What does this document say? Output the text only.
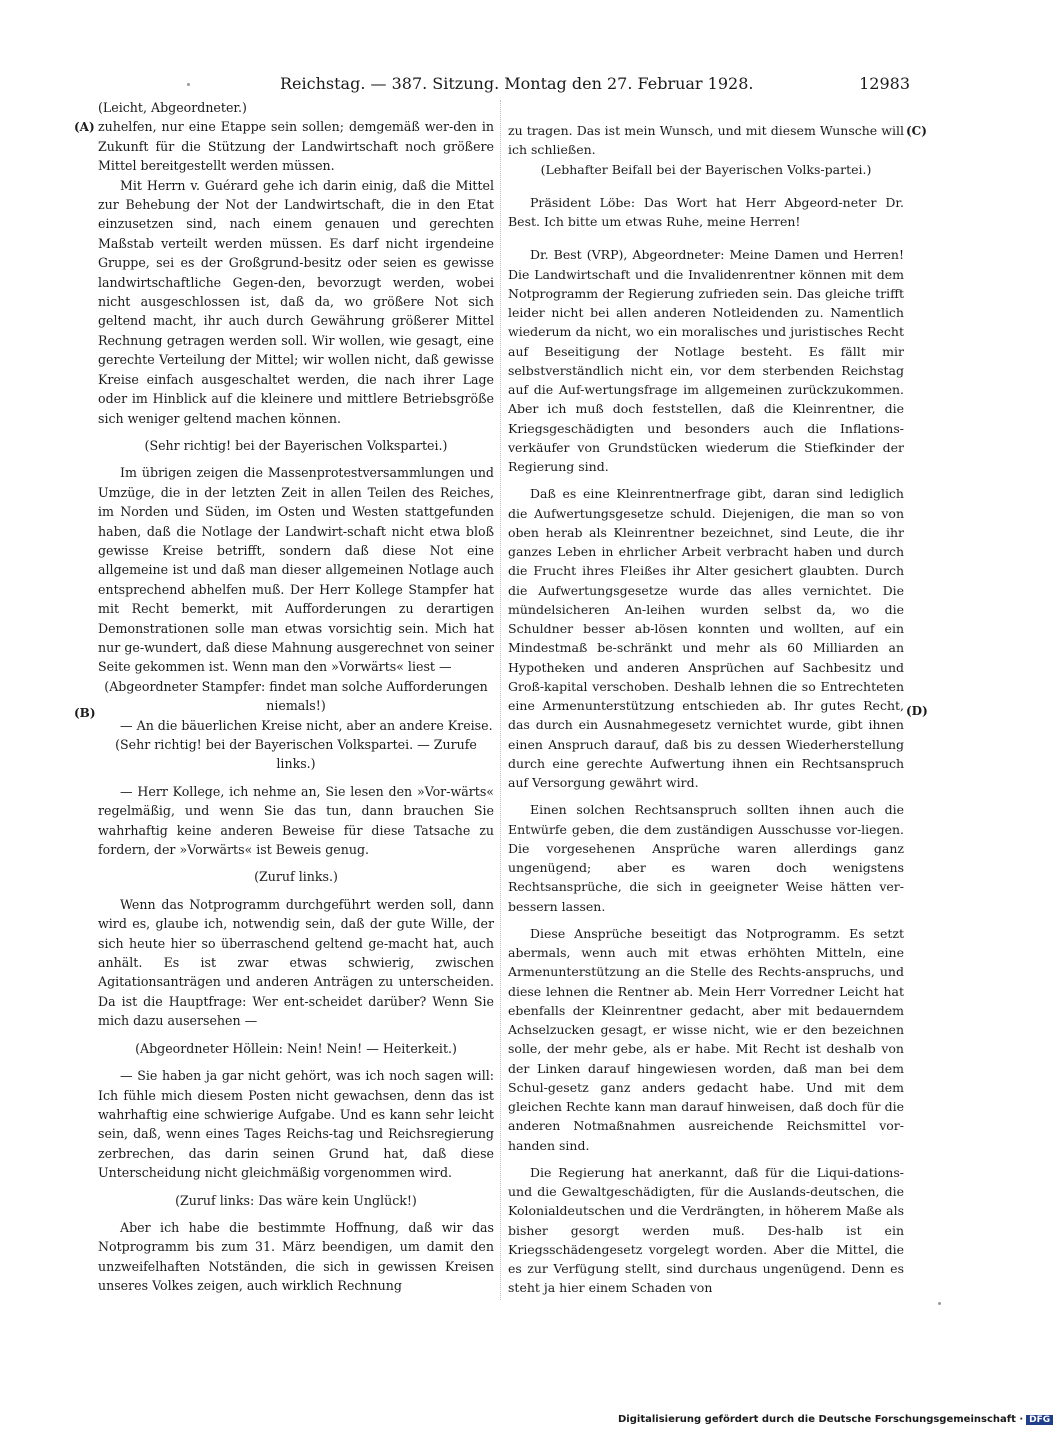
Reichstag. — 387. Sitzung. Montag den 27. Februar 1928.	12983
(A)
(B)
(C)
(D)

(Leicht, Abgeordneter.)

zuhelfen, nur eine Etappe sein sollen; demgemäß wer-den in Zukunft für die Stützung der Landwirtschaft noch größere Mittel bereitgestellt werden müssen.

Mit Herrn v. Guérard gehe ich darin einig, daß die Mittel zur Behebung der Not der Landwirtschaft, die in den Etat einzusetzen sind, nach einem genauen und gerechten Maßstab verteilt werden müssen. Es darf nicht irgendeine Gruppe, sei es der Großgrund-besitz oder seien es gewisse landwirtschaftliche Gegen-den, bevorzugt werden, wobei nicht ausgeschlossen ist, daß da, wo größere Not sich geltend macht, ihr auch durch Gewährung größerer Mittel Rechnung getragen werden soll. Wir wollen, wie gesagt, eine gerechte Verteilung der Mittel; wir wollen nicht, daß gewisse Kreise einfach ausgeschaltet werden, die nach ihrer Lage oder im Hinblick auf die kleinere und mittlere Betriebsgröße sich weniger geltend machen können.

(Sehr richtig! bei der Bayerischen Volkspartei.)

Im übrigen zeigen die Massenprotestversammlungen und Umzüge, die in der letzten Zeit in allen Teilen des Reiches, im Norden und Süden, im Osten und Westen stattgefunden haben, daß die Notlage der Landwirt-schaft nicht etwa bloß gewisse Kreise betrifft, sondern daß diese Not eine allgemeine ist und daß man dieser allgemeinen Notlage auch entsprechend abhelfen muß. Der Herr Kollege Stampfer hat mit Recht bemerkt, mit Aufforderungen zu derartigen Demonstrationen solle man etwas vorsichtig sein. Mich hat nur ge-wundert, daß diese Mahnung ausgerechnet von seiner Seite gekommen ist. Wenn man den »Vorwärts« liest —

(Abgeordneter Stampfer: findet man solche Aufforderungen niemals!)

— An die bäuerlichen Kreise nicht, aber an andere Kreise.

(Sehr richtig! bei der Bayerischen Volkspartei. — Zurufe links.)

— Herr Kollege, ich nehme an, Sie lesen den »Vor-wärts« regelmäßig, und wenn Sie das tun, dann brauchen Sie wahrhaftig keine anderen Beweise für diese Tatsache zu fordern, der »Vorwärts« ist Beweis genug.

(Zuruf links.)

Wenn das Notprogramm durchgeführt werden soll, dann wird es, glaube ich, notwendig sein, daß der gute Wille, der sich heute hier so überraschend geltend ge-macht hat, auch anhält. Es ist zwar etwas schwierig, zwischen Agitationsanträgen und anderen Anträgen zu unterscheiden. Da ist die Hauptfrage: Wer ent-scheidet darüber? Wenn Sie mich dazu ausersehen —

(Abgeordneter Höllein: Nein! Nein! — Heiterkeit.)

— Sie haben ja gar nicht gehört, was ich noch sagen will: Ich fühle mich diesem Posten nicht gewachsen, denn das ist wahrhaftig eine schwierige Aufgabe. Und es kann sehr leicht sein, daß, wenn eines Tages Reichs-tag und Reichsregierung zerbrechen, das darin seinen Grund hat, daß diese Unterscheidung nicht gleichmäßig vorgenommen wird.

(Zuruf links: Das wäre kein Unglück!)

Aber ich habe die bestimmte Hoffnung, daß wir das Notprogramm bis zum 31. März beendigen, um damit den unzweifelhaften Notständen, die sich in gewissen Kreisen unseres Volkes zeigen, auch wirklich Rechnung

zu tragen. Das ist mein Wunsch, und mit diesem Wunsche will ich schließen.

(Lebhafter Beifall bei der Bayerischen Volks-partei.)

Präsident Löbe: Das Wort hat Herr Abgeord-neter Dr. Best. Ich bitte um etwas Ruhe, meine Herren!

Dr. Best (VRP), Abgeordneter: Meine Damen und Herren! Die Landwirtschaft und die Invalidenrentner können mit dem Notprogramm der Regierung zufrieden sein. Das gleiche trifft leider nicht bei allen anderen Notleidenden zu. Namentlich wiederum da nicht, wo ein moralisches und juristisches Recht auf Beseitigung der Notlage besteht. Es fällt mir selbstverständlich nicht ein, vor dem sterbenden Reichstag auf die Auf-wertungsfrage im allgemeinen zurückzukommen. Aber ich muß doch feststellen, daß die Kleinrentner, die Kriegsgeschädigten und besonders auch die Inflations-verkäufer von Grundstücken wiederum die Stiefkinder der Regierung sind.

Daß es eine Kleinrentnerfrage gibt, daran sind lediglich die Aufwertungsgesetze schuld. Diejenigen, die man so von oben herab als Kleinrentner bezeichnet, sind Leute, die ihr ganzes Leben in ehrlicher Arbeit verbracht haben und durch die Frucht ihres Fleißes ihr Alter gesichert glaubten. Durch die Aufwertungsgesetze wurde das alles vernichtet. Die mündelsicheren An-leihen wurden selbst da, wo die Schuldner besser ab-lösen konnten und wollten, auf ein Mindestmaß be-schränkt und mehr als 60 Milliarden an Hypotheken und anderen Ansprüchen auf Sachbesitz und Groß-kapital verschoben. Deshalb lehnen die so Entrechteten eine Armenunterstützung entschieden ab. Ihr gutes Recht, das durch ein Ausnahmegesetz vernichtet wurde, gibt ihnen einen Anspruch darauf, daß bis zu dessen Wiederherstellung durch eine gerechte Aufwertung ihnen ein Rechtsanspruch auf Versorgung gewährt wird.

Einen solchen Rechtsanspruch sollten ihnen auch die Entwürfe geben, die dem zuständigen Ausschusse vor-liegen. Die vorgesehenen Ansprüche waren allerdings ganz ungenügend; aber es waren doch wenigstens Rechtsansprüche, die sich in geeigneter Weise hätten ver-bessern lassen.

Diese Ansprüche beseitigt das Notprogramm. Es setzt abermals, wenn auch mit etwas erhöhten Mitteln, eine Armenunterstützung an die Stelle des Rechts-anspruchs, und diese lehnen die Rentner ab. Mein Herr Vorredner Leicht hat ebenfalls der Kleinrentner gedacht, aber mit bedauerndem Achselzucken gesagt, er wisse nicht, wie er den bezeichnen solle, der mehr gebe, als er habe. Mit Recht ist deshalb von der Linken darauf hingewiesen worden, daß man bei dem Schul-gesetz ganz anders gedacht habe. Und mit dem gleichen Rechte kann man darauf hinweisen, daß doch für die anderen Notmaßnahmen ausreichende Reichsmittel vor-handen sind.

Die Regierung hat anerkannt, daß für die Liqui-dations- und die Gewaltgeschädigten, für die Auslands-deutschen, die Kolonialdeutschen und die Verdrängten, in höherem Maße als bisher gesorgt werden muß. Des-halb ist ein Kriegsschädengesetz vorgelegt worden. Aber die Mittel, die es zur Verfügung stellt, sind durchaus ungenügend. Denn es steht ja hier einem Schaden von

Digitalisierung gefördert durch die Deutsche Forschungsgemeinschaft · DFG
